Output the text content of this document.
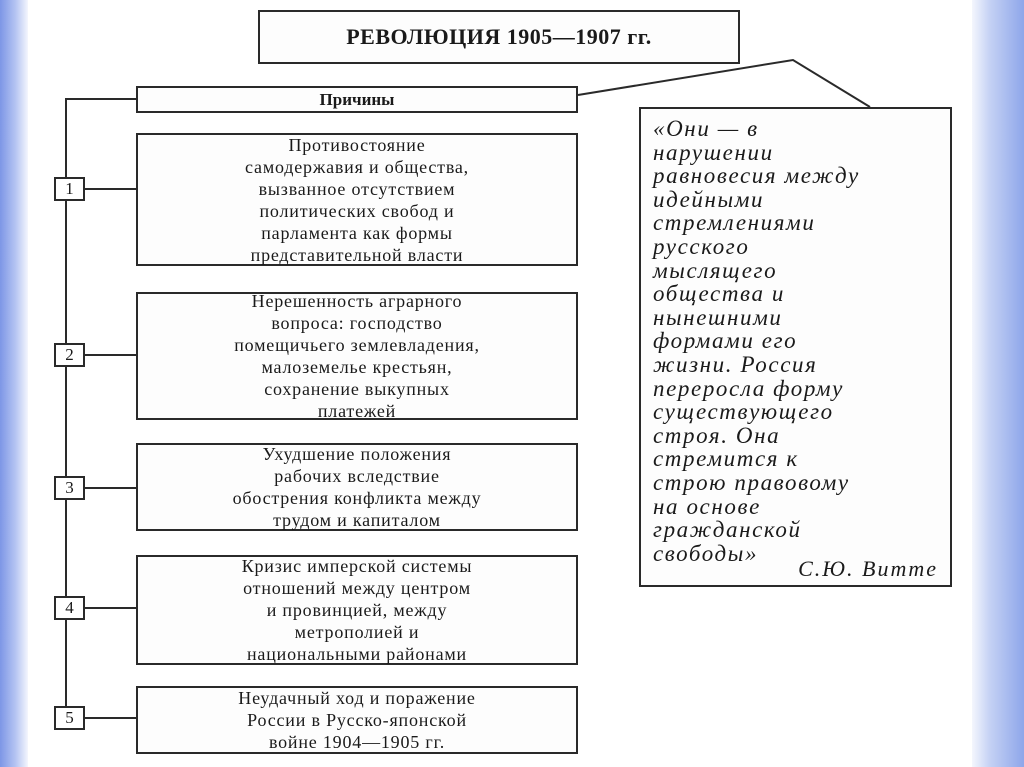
РЕВОЛЮЦИЯ 1905—1907 гг.
Причины
1
2
3
4
5
Противостояние
самодержавия и общества,
вызванное отсутствием
политических свобод и
парламента как формы
представительной власти
Нерешенность аграрного
вопроса: господство
помещичьего землевладения,
малоземелье крестьян,
сохранение выкупных
платежей
Ухудшение положения
рабочих вследствие
обострения конфликта между
трудом и капиталом
Кризис имперской системы
отношений между центром
и провинцией, между
метрополией и
национальными районами
Неудачный ход и поражение
России в Русско-японской
войне 1904—1905 гг.
«Они — в
нарушении
равновесия между
идейными
стремлениями
русского
мыслящего
общества и
нынешними
формами его
жизни. Россия
переросла форму
существующего
строя. Она
стремится к
строю правовому
на основе
гражданской
свободы»
С.Ю. Витте
